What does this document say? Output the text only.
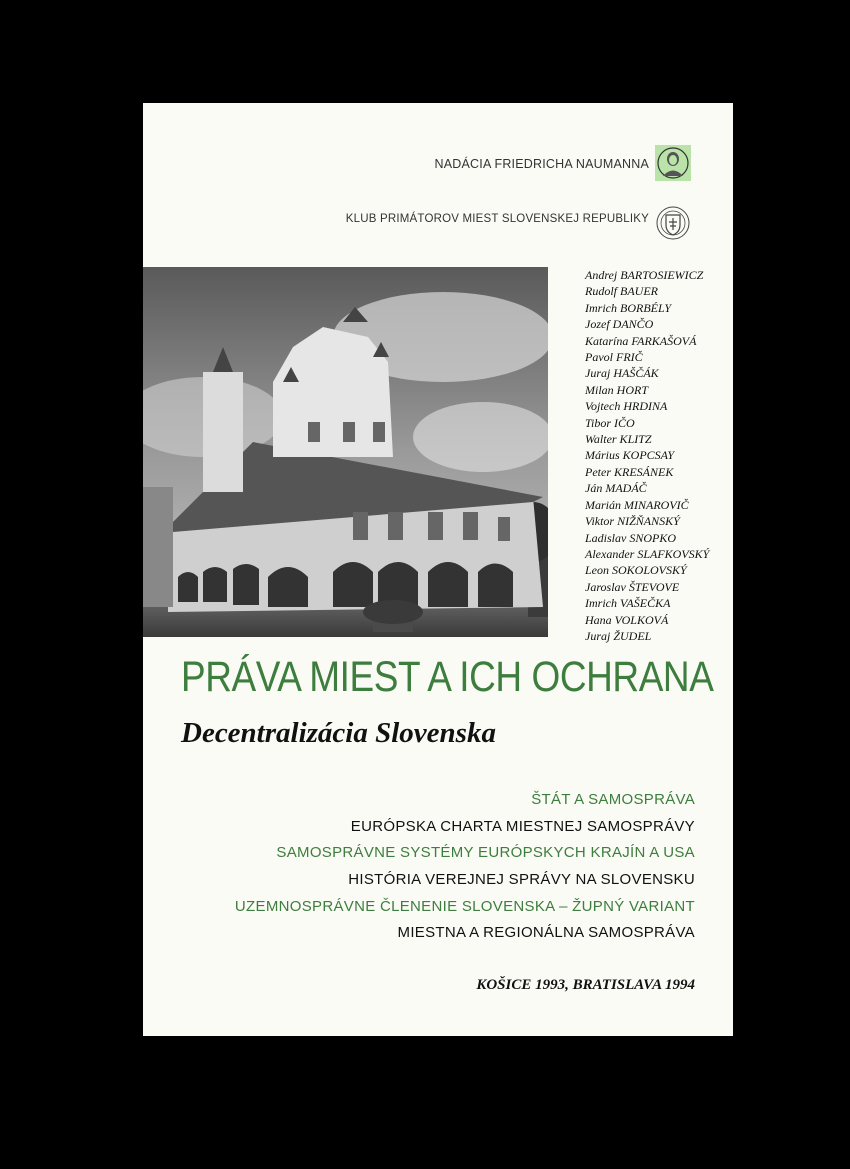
NADÁCIA FRIEDRICHA NAUMANNA
KLUB PRIMÁTOROV MIEST SLOVENSKEJ REPUBLIKY
Andrej BARTOSIEWICZ
Rudolf BAUER
Imrich BORBÉLY
Jozef DANČO
Katarína FARKAŠOVÁ
Pavol FRIČ
Juraj HAŠČÁK
Milan HORT
Vojtech HRDINA
Tibor IČO
Walter KLITZ
Márius KOPCSAY
Peter KRESÁNEK
Ján MADÁČ
Marián MINAROVIČ
Viktor NIŽŇANSKÝ
Ladislav SNOPKO
Alexander SLAFKOVSKÝ
Leon SOKOLOVSKÝ
Jaroslav ŠTEVOVE
Imrich VAŠEČKA
Hana VOLKOVÁ
Juraj ŽUDEL
PRÁVA MIEST A ICH OCHRANA
Decentralizácia Slovenska
ŠTÁT A SAMOSPRÁVA
EURÓPSKA CHARTA MIESTNEJ SAMOSPRÁVY
SAMOSPRÁVNE SYSTÉMY EURÓPSKYCH KRAJÍN A USA
HISTÓRIA VEREJNEJ SPRÁVY NA SLOVENSKU
UZEMNOSPRÁVNE ČLENENIE SLOVENSKA – ŽUPNÝ VARIANT
MIESTNA A REGIONÁLNA SAMOSPRÁVA
KOŠICE 1993, BRATISLAVA 1994
